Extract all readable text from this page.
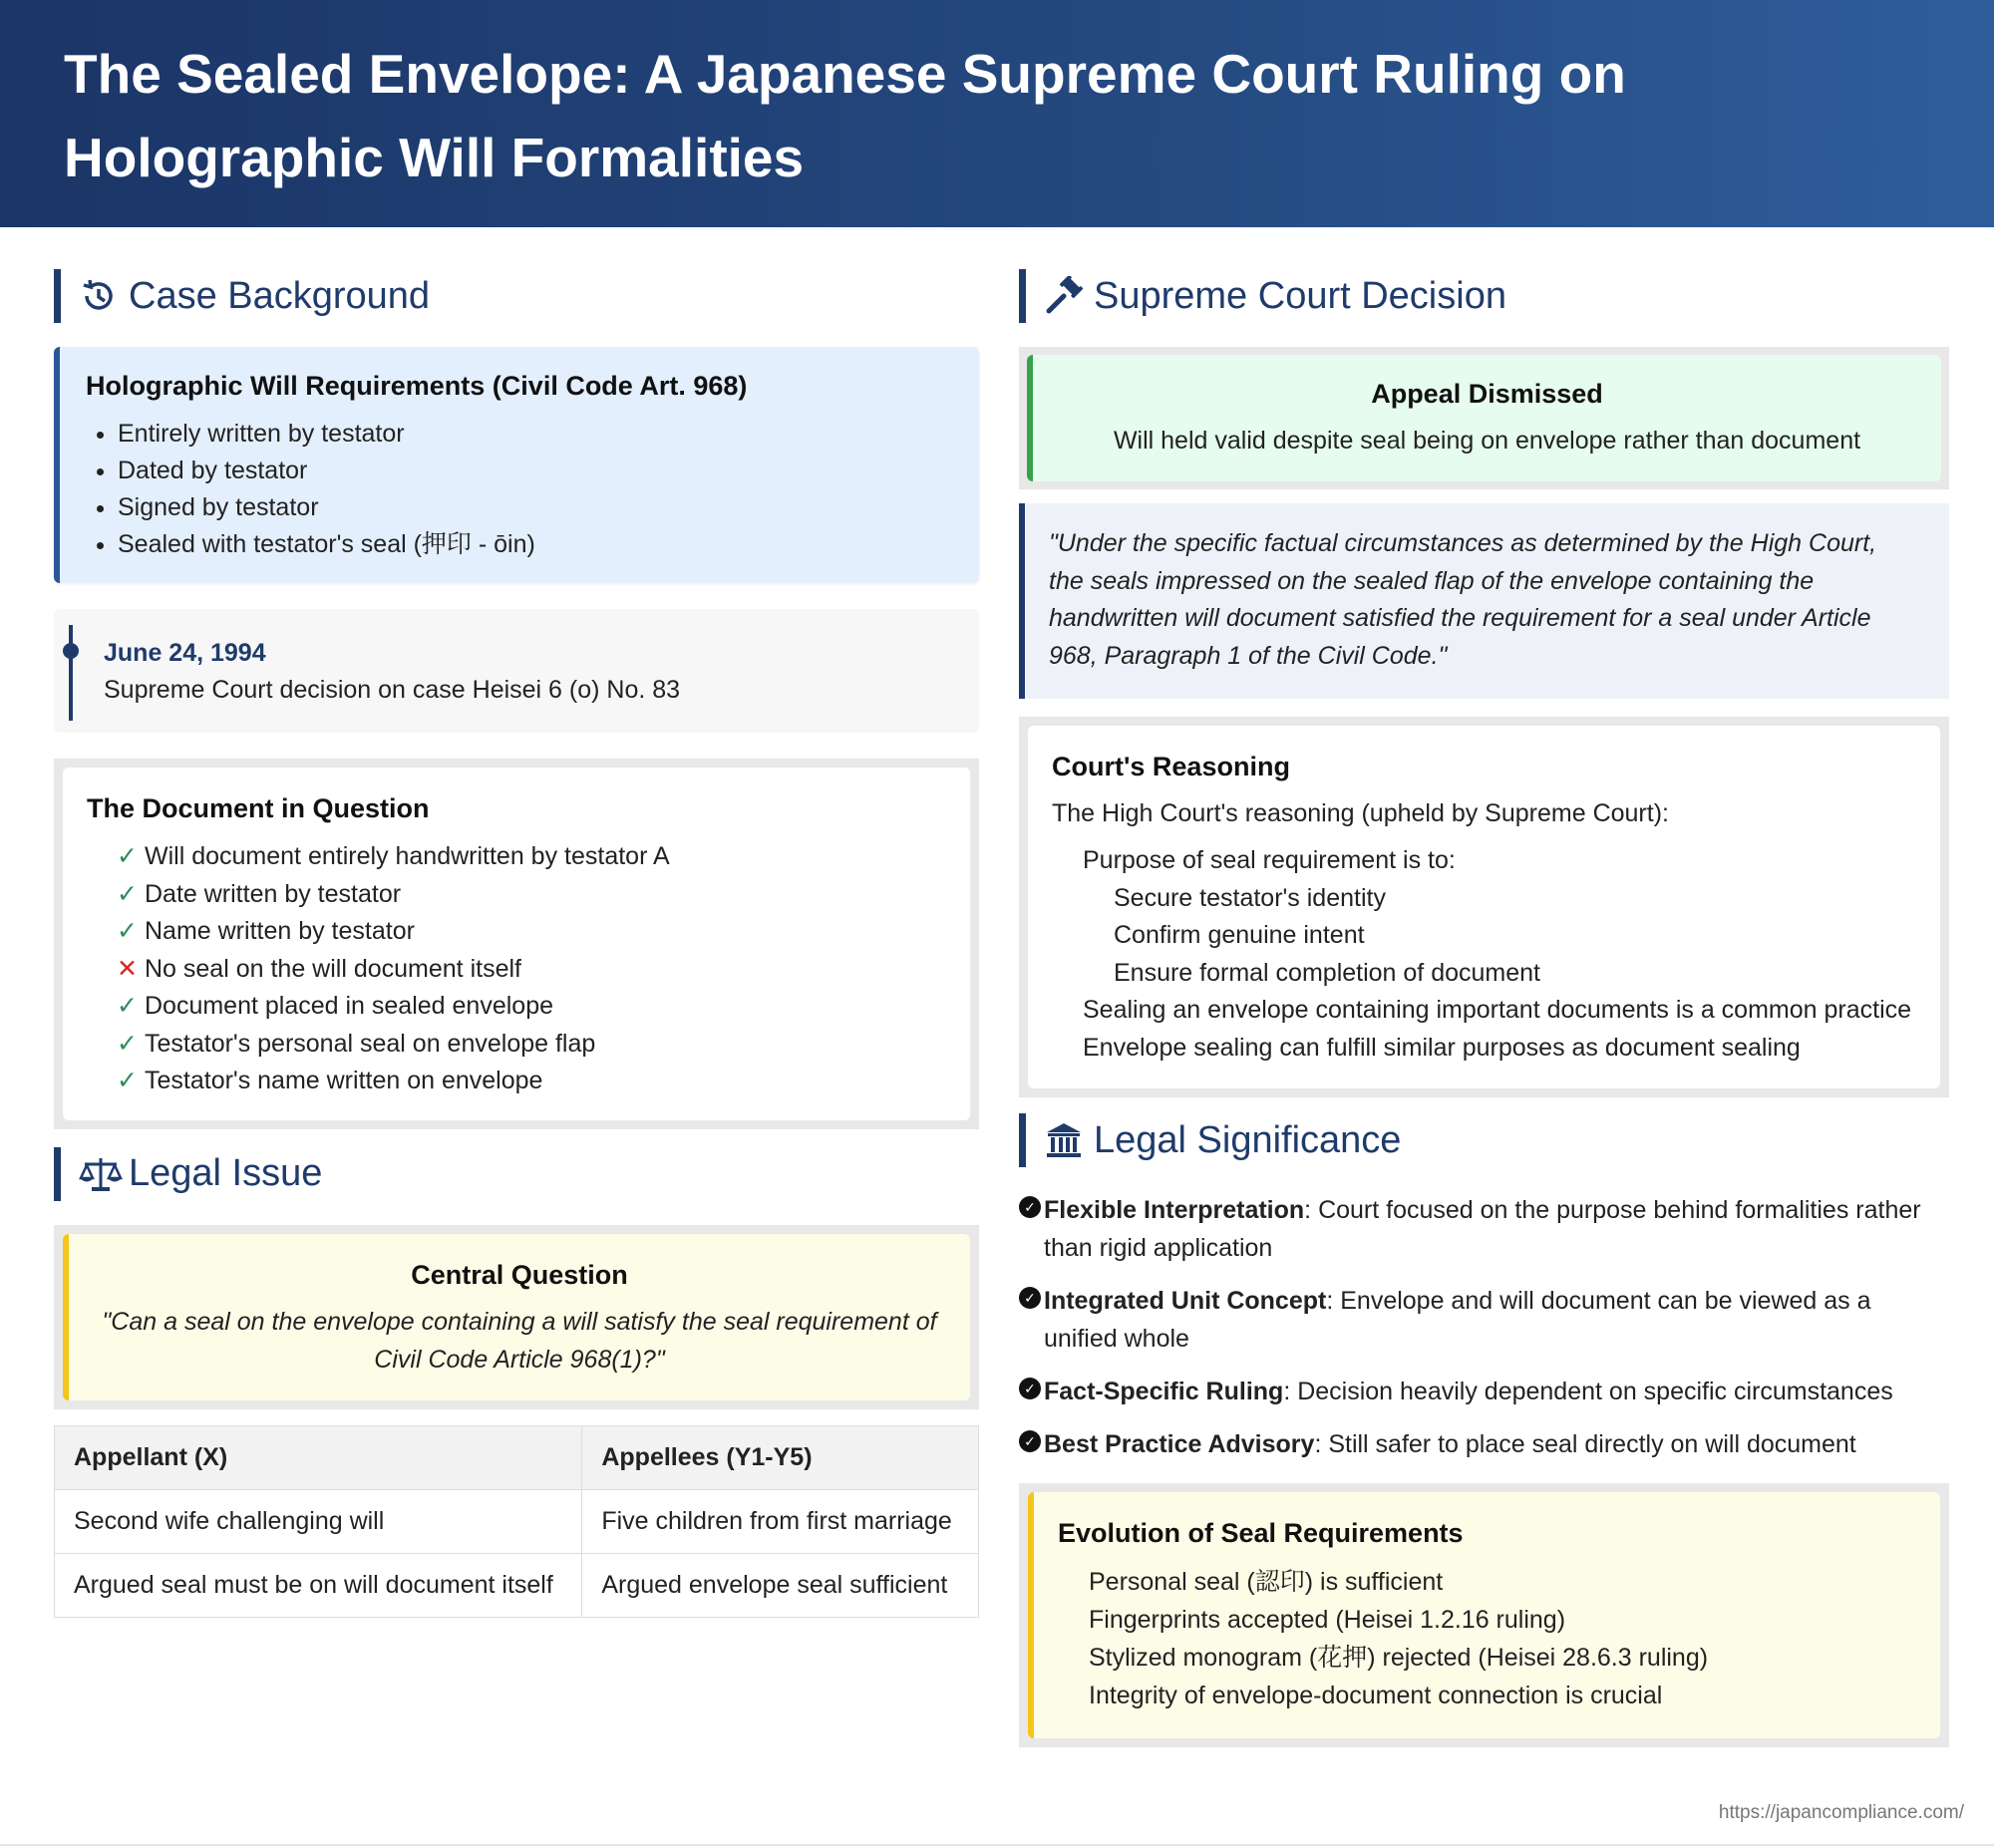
The Sealed Envelope: A Japanese Supreme Court Ruling on Holographic Will Formalities
Case Background
Holographic Will Requirements (Civil Code Art. 968)
• Entirely written by testator
• Dated by testator
• Signed by testator
• Sealed with testator's seal (押印 - ōin)
June 24, 1994
Supreme Court decision on case Heisei 6 (o) No. 83
The Document in Question
✓ Will document entirely handwritten by testator A
✓ Date written by testator
✓ Name written by testator
✕ No seal on the will document itself
✓ Document placed in sealed envelope
✓ Testator's personal seal on envelope flap
✓ Testator's name written on envelope
Legal Issue
Central Question

"Can a seal on the envelope containing a will satisfy the seal requirement of Civil Code Article 968(1)?"

Appellant (X)	Appellees (Y1-Y5)
Second wife challenging will	Five children from first marriage
Argued seal must be on will document itself	Argued envelope seal sufficient
Supreme Court Decision
Appeal Dismissed

Will held valid despite seal being on envelope rather than document

"Under the specific factual circumstances as determined by the High Court, the seals impressed on the sealed flap of the envelope containing the handwritten will document satisfied the requirement for a seal under Article 968, Paragraph 1 of the Civil Code."

Court's Reasoning
The High Court's reasoning (upheld by Supreme Court):
Purpose of seal requirement is to:
Secure testator's identity
Confirm genuine intent
Ensure formal completion of document
Sealing an envelope containing important documents is a common practice
Envelope sealing can fulfill similar purposes as document sealing
Legal Significance
✓ Flexible Interpretation: Court focused on the purpose behind formalities rather than rigid application
✓ Integrated Unit Concept: Envelope and will document can be viewed as a unified whole
✓ Fact-Specific Ruling: Decision heavily dependent on specific circumstances
✓ Best Practice Advisory: Still safer to place seal directly on will document
Evolution of Seal Requirements
Personal seal (認印) is sufficient
Fingerprints accepted (Heisei 1.2.16 ruling)
Stylized monogram (花押) rejected (Heisei 28.6.3 ruling)
Integrity of envelope-document connection is crucial
https://japancompliance.com/
